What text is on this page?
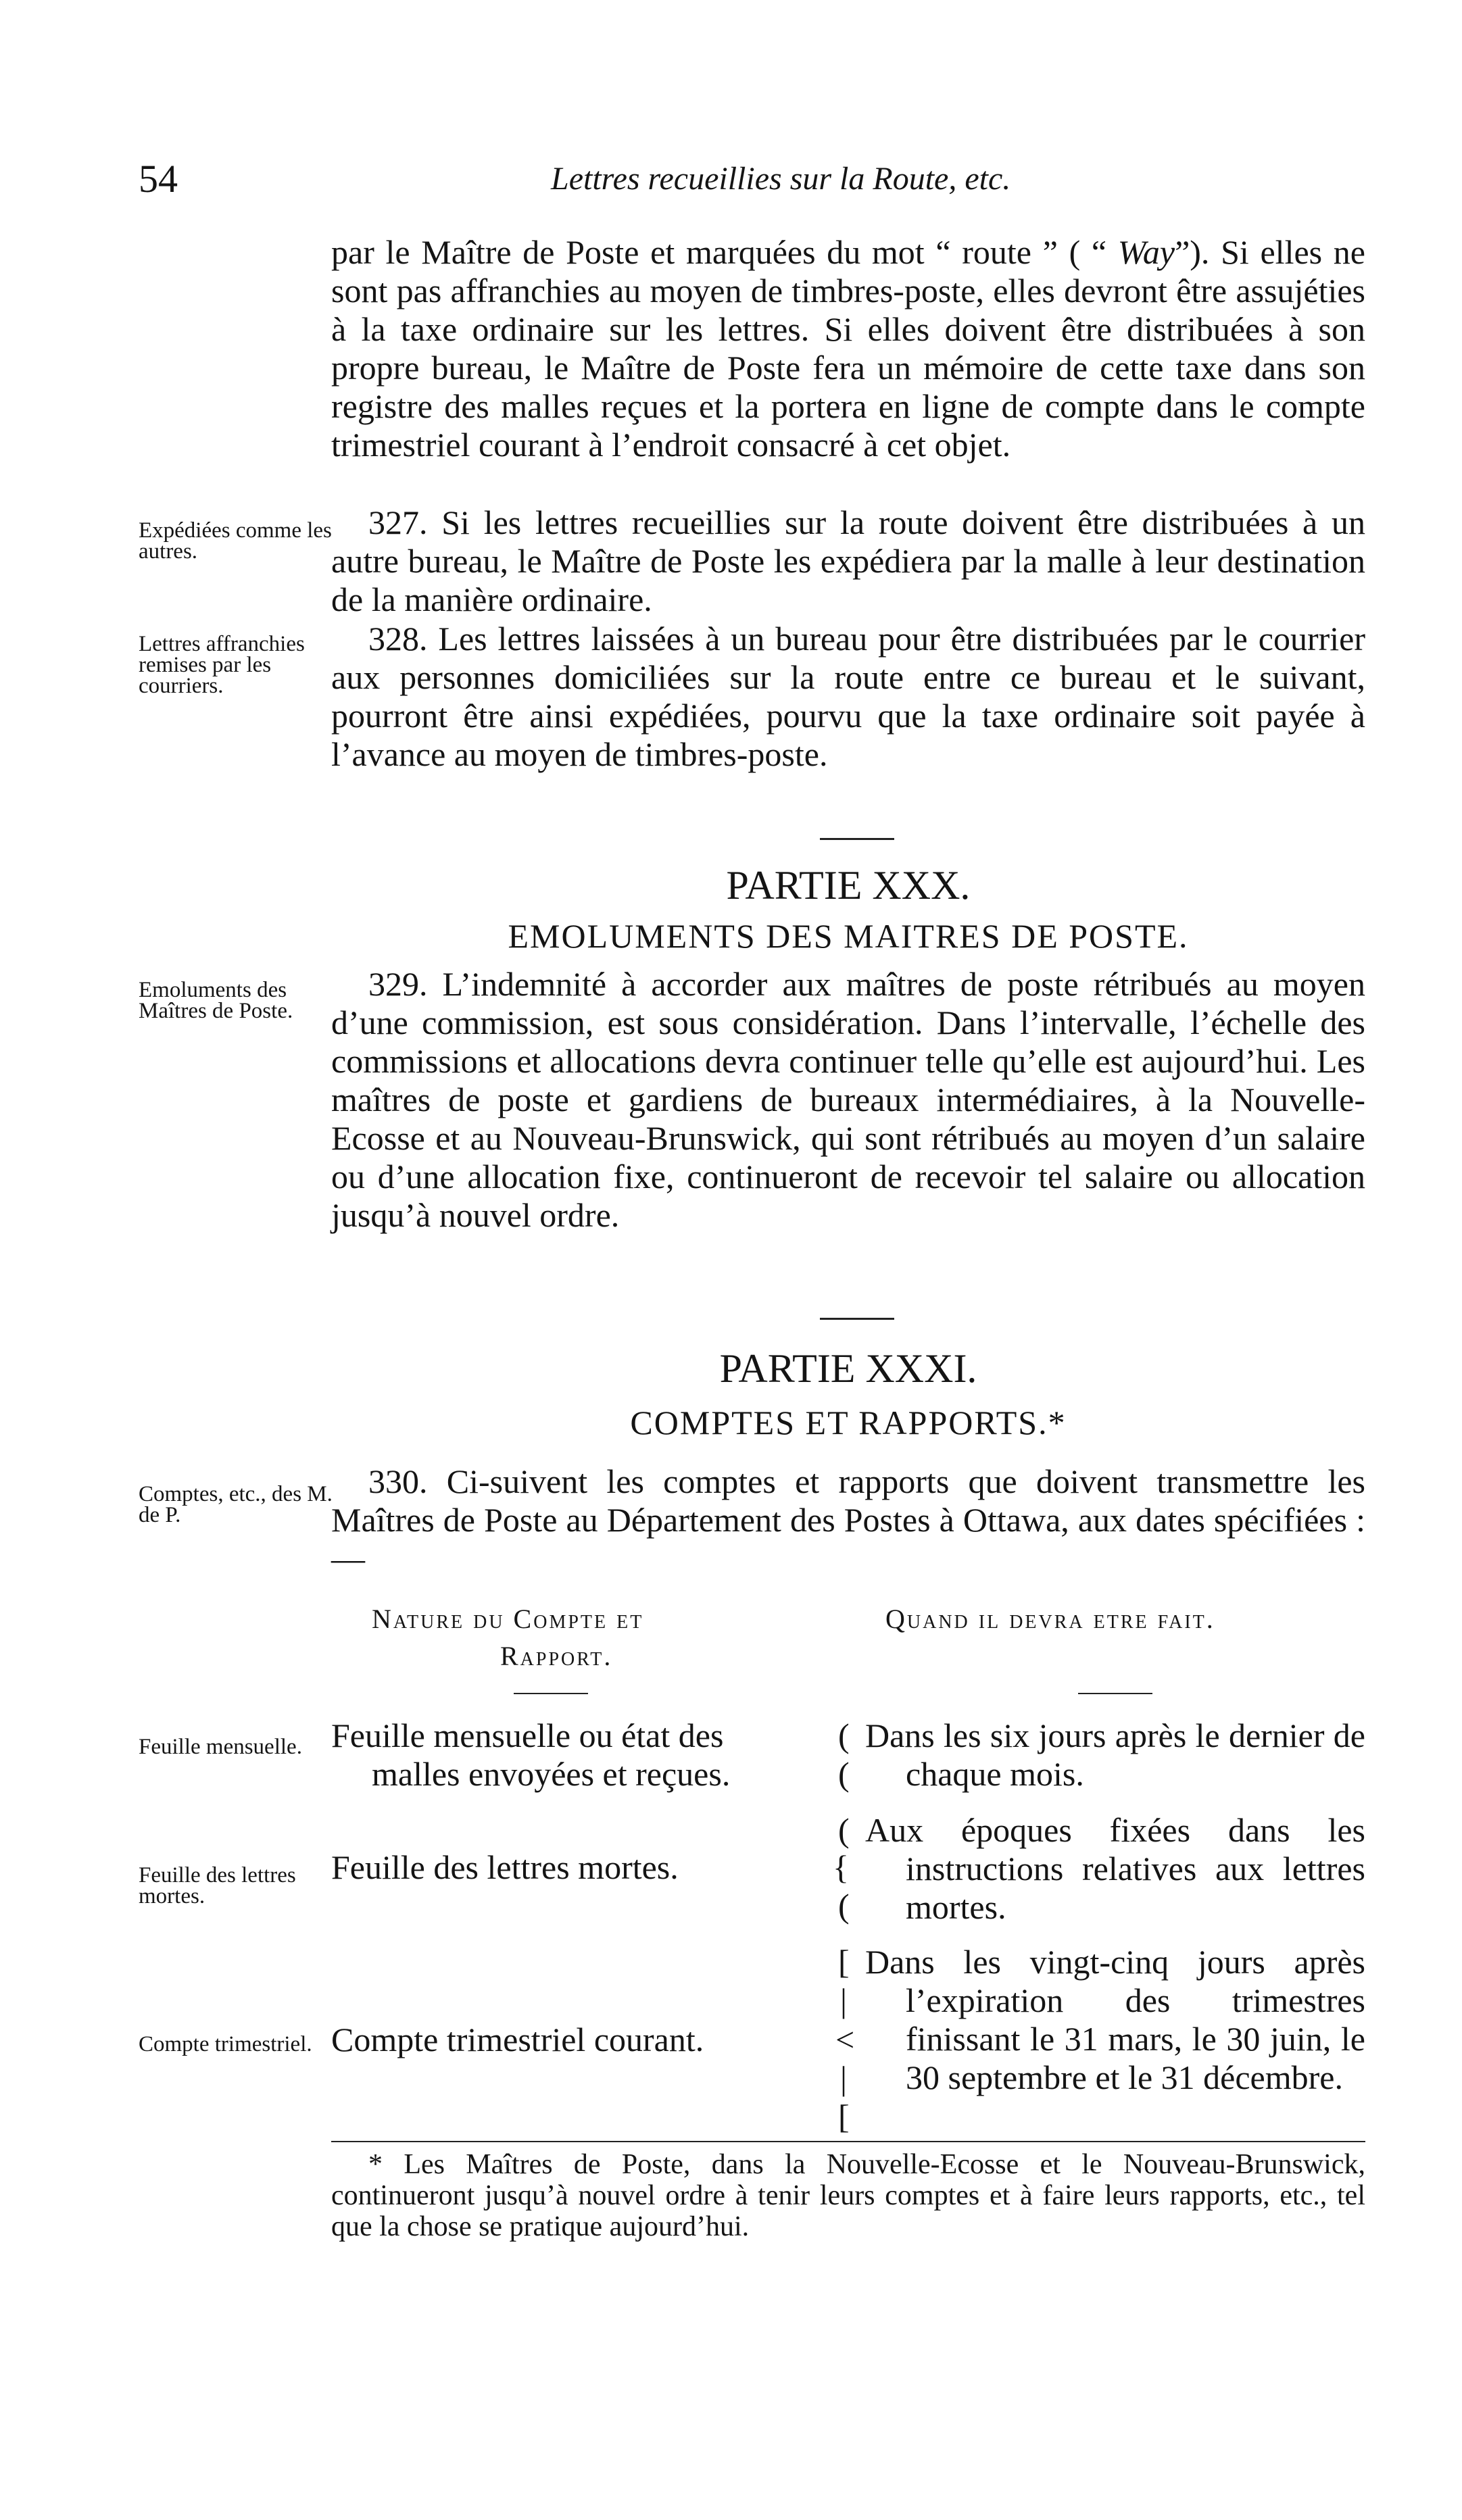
54	Lettres recueillies sur la Route, etc.

par le Maître de Poste et marquées du mot “ route ” ( “ Way”). Si elles ne sont pas affranchies au moyen de timbres-poste, elles devront être assujéties à la taxe ordinaire sur les lettres. Si elles doivent être distribuées à son propre bureau, le Maître de Poste fera un mémoire de cette taxe dans son registre des malles reçues et la portera en ligne de compte dans le compte trimestriel courant à l’endroit consacré à cet objet.

Expédiées comme les autres.

327. Si les lettres recueillies sur la route doivent être distribuées à un autre bureau, le Maître de Poste les expédiera par la malle à leur destination de la manière ordinaire.

Lettres affranchies remises par les courriers.

328. Les lettres laissées à un bureau pour être distribuées par le courrier aux personnes domiciliées sur la route entre ce bureau et le suivant, pourront être ainsi expédiées, pourvu que la taxe ordinaire soit payée à l’avance au moyen de timbres-poste.

PARTIE XXX.
EMOLUMENTS DES MAITRES DE POSTE.
Emoluments des Maîtres de Poste.

329. L’indemnité à accorder aux maîtres de poste rétribués au moyen d’une commission, est sous considération. Dans l’intervalle, l’échelle des commissions et allocations devra continuer telle qu’elle est aujourd’hui. Les maîtres de poste et gardiens de bureaux intermédiaires, à la Nouvelle-Ecosse et au Nouveau-Brunswick, qui sont rétribués au moyen d’un salaire ou d’une allocation fixe, continueront de recevoir tel salaire ou allocation jusqu’à nouvel ordre.

PARTIE XXXI.
COMPTES ET RAPPORTS.*
Comptes, etc., des M. de P.

330. Ci-suivent les comptes et rapports que doivent transmettre les Maîtres de Poste au Département des Postes à Ottawa, aux dates spécifiées :—

Nature du Compte et
Rapport.
Quand il devra etre fait.
Feuille mensuelle. Feuille mensuelle ou état des
malles envoyées et reçues.
(
(
Dans les six jours après le dernier de chaque mois.
Feuille des lettres mortes.
Feuille des lettres mortes.
(
{
(
Aux époques fixées dans les instructions relatives aux lettres mortes.
Compte trimestriel. Compte trimestriel courant.
[
|
<
|
[
Dans les vingt-cinq jours après l’expiration des trimestres finissant le 31 mars, le 30 juin, le 30 septembre et le 31 décembre.
* Les Maîtres de Poste, dans la Nouvelle-Ecosse et le Nouveau-Brunswick, continueront jusqu’à nouvel ordre à tenir leurs comptes et à faire leurs rapports, etc., tel que la chose se pratique aujourd’hui.
